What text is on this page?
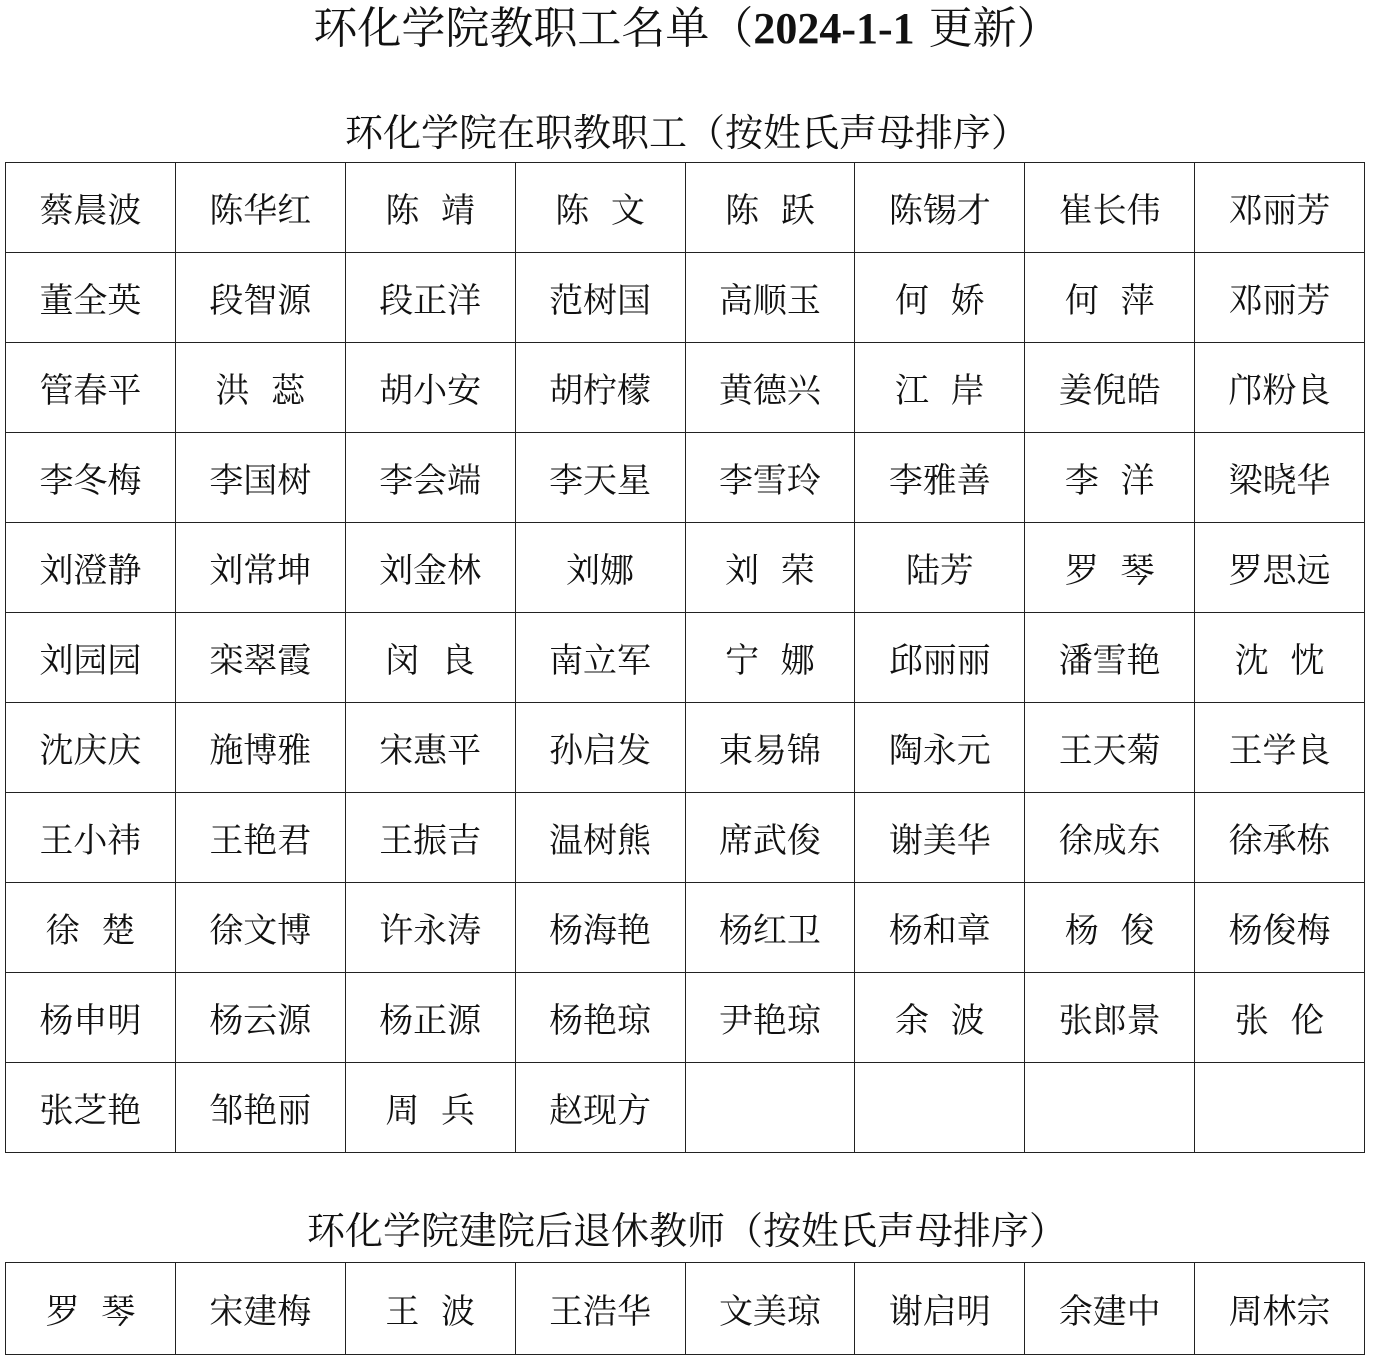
环化学院教职工名单（2024-1-1 更新）
环化学院在职教职工（按姓氏声母排序）
蔡晨波	陈华红	陈  靖	陈  文	陈  跃	陈锡才	崔长伟	邓丽芳
董全英	段智源	段正洋	范树国	高顺玉	何  娇	何  萍	邓丽芳
管春平	洪  蕊	胡小安	胡柠檬	黄德兴	江  岸	姜倪皓	邝粉良
李冬梅	李国树	李会端	李天星	李雪玲	李雅善	李  洋	梁晓华
刘澄静	刘常坤	刘金林	刘娜	刘  荣	陆芳	罗  琴	罗思远
刘园园	栾翠霞	闵  良	南立军	宁  娜	邱丽丽	潘雪艳	沈  忱
沈庆庆	施博雅	宋惠平	孙启发	束易锦	陶永元	王天菊	王学良
王小祎	王艳君	王振吉	温树熊	席武俊	谢美华	徐成东	徐承栋
徐  楚	徐文博	许永涛	杨海艳	杨红卫	杨和章	杨  俊	杨俊梅
杨申明	杨云源	杨正源	杨艳琼	尹艳琼	余  波	张郎景	张  伦
张芝艳	邹艳丽	周  兵	赵现方				
环化学院建院后退休教师（按姓氏声母排序）
罗  琴	宋建梅	王  波	王浩华	文美琼	谢启明	余建中	周林宗
